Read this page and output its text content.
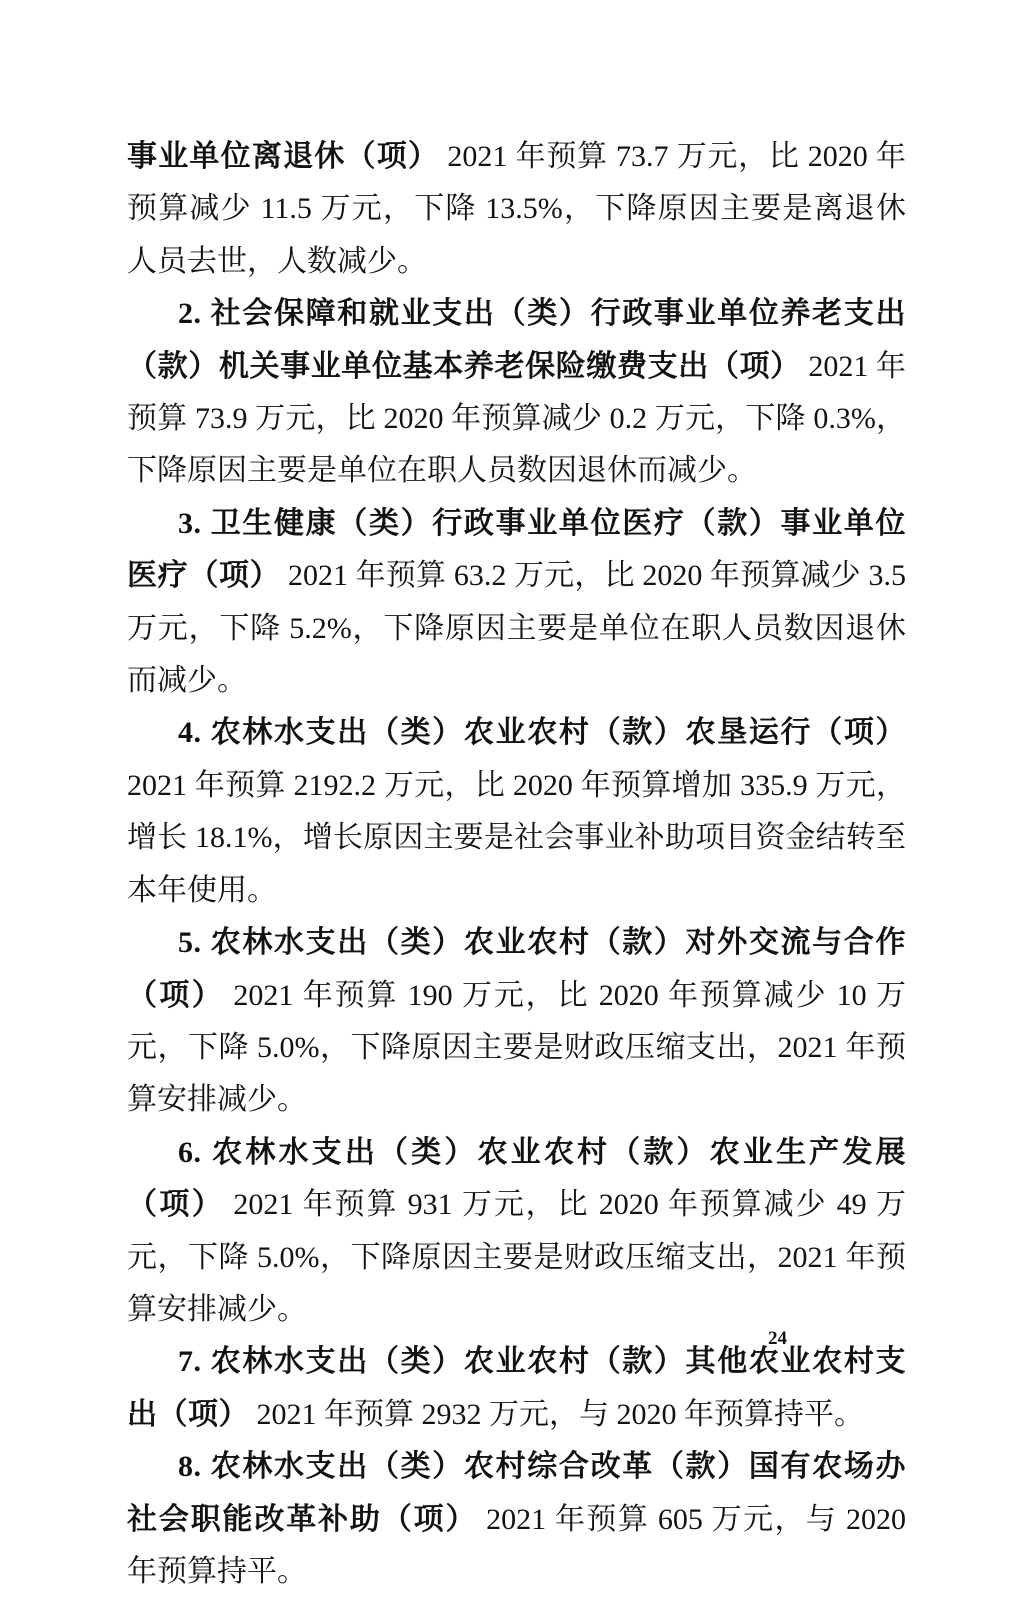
事业单位离退休（项） 2021 年预算 73.7 万元，比 2020 年预算减少 11.5 万元，下降 13.5%，下降原因主要是离退休人员去世，人数减少。

2. 社会保障和就业支出（类）行政事业单位养老支出（款）机关事业单位基本养老保险缴费支出（项） 2021 年预算 73.9 万元，比 2020 年预算减少 0.2 万元，下降 0.3%，下降原因主要是单位在职人员数因退休而减少。

3. 卫生健康（类）行政事业单位医疗（款）事业单位医疗（项） 2021 年预算 63.2 万元，比 2020 年预算减少 3.5 万元，下降 5.2%，下降原因主要是单位在职人员数因退休而减少。

4. 农林水支出（类）农业农村（款）农垦运行（项） 2021 年预算 2192.2 万元，比 2020 年预算增加 335.9 万元，增长 18.1%，增长原因主要是社会事业补助项目资金结转至本年使用。

5. 农林水支出（类）农业农村（款）对外交流与合作（项） 2021 年预算 190 万元，比 2020 年预算减少 10 万元，下降 5.0%，下降原因主要是财政压缩支出，2021 年预算安排减少。

6. 农林水支出（类）农业农村（款）农业生产发展（项） 2021 年预算 931 万元，比 2020 年预算减少 49 万元，下降 5.0%，下降原因主要是财政压缩支出，2021 年预算安排减少。

7. 农林水支出（类）农业农村（款）其他农业农村支出（项） 2021 年预算 2932 万元，与 2020 年预算持平。

8. 农林水支出（类）农村综合改革（款）国有农场办社会职能改革补助（项） 2021 年预算 605 万元，与 2020 年预算持平。

24
